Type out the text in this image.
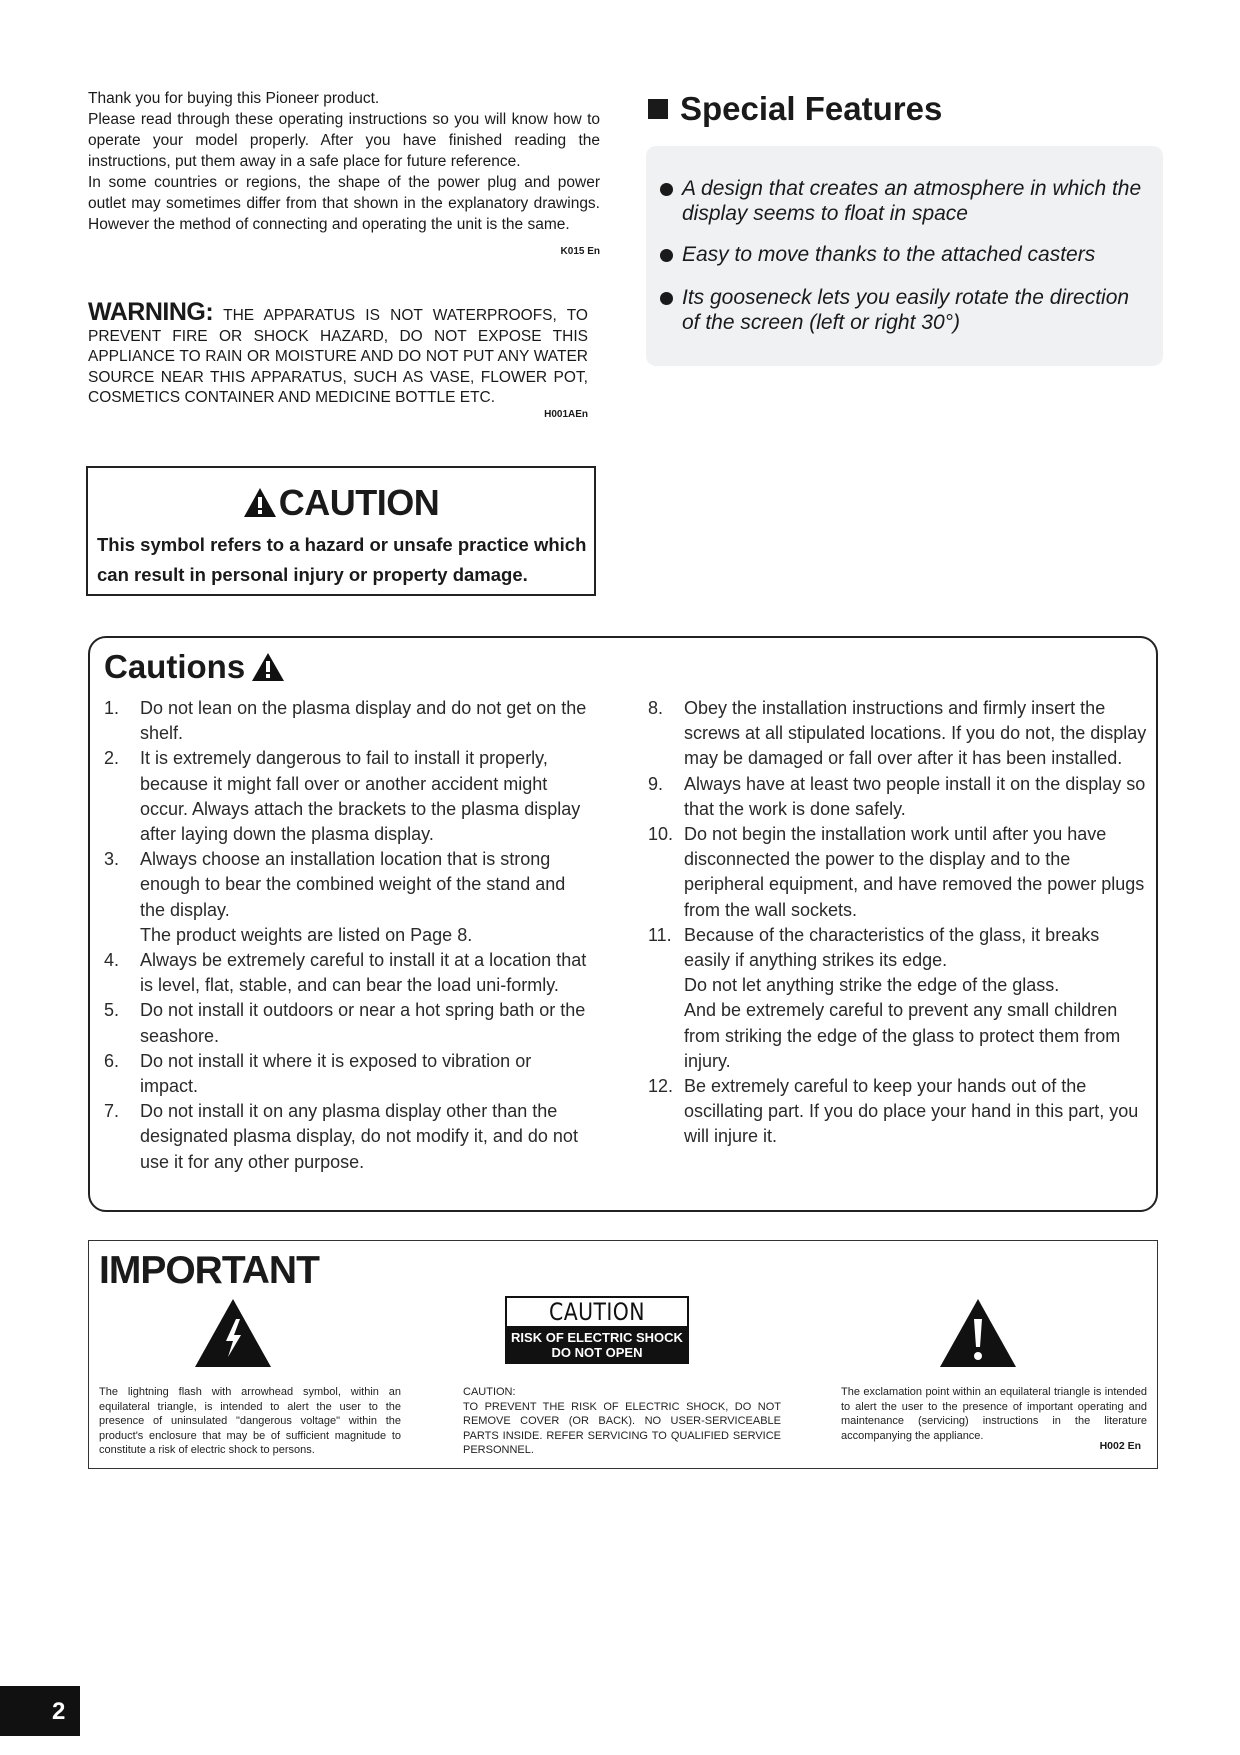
Thank you for buying this Pioneer product.

Please read through these operating instructions so you will know how to operate your model properly. After you have finished reading the instructions, put them away in a safe place for future reference.

In some countries or regions, the shape of the power plug and power outlet may sometimes differ from that shown in the explanatory drawings. However the method of connecting and operating the unit is the same.
K015 En

WARNING: THE APPARATUS IS NOT WATERPROOFS, TO PREVENT FIRE OR SHOCK HAZARD, DO NOT EXPOSE THIS APPLIANCE TO RAIN OR MOISTURE AND DO NOT PUT ANY WATER SOURCE NEAR THIS APPARATUS, SUCH AS VASE, FLOWER POT, COSMETICS CONTAINER AND MEDICINE BOTTLE ETC.
H001AEn
CAUTION
This symbol refers to a hazard or unsafe practice which can result in personal injury or property damage.
Special Features
A design that creates an atmosphere in which the display seems to float in space
Easy to move thanks to the attached casters
Its gooseneck lets you easily rotate the direction of the screen (left or right 30°)
Cautions
1. Do not lean on the plasma display and do not get on the shelf.
2. It is extremely dangerous to fail to install it properly, because it might fall over or another accident might occur. Always attach the brackets to the plasma display after laying down the plasma display.
3. Always choose an installation location that is strong enough to bear the combined weight of the stand and the display.
The product weights are listed on Page 8.
4. Always be extremely careful to install it at a location that is level, flat, stable, and can bear the load uni-formly.
5. Do not install it outdoors or near a hot spring bath or the seashore.
6. Do not install it where it is exposed to vibration or impact.
7. Do not install it on any plasma display other than the designated plasma display, do not modify it, and do not use it for any other purpose.
8. Obey the installation instructions and firmly insert the screws at all stipulated locations. If you do not, the display may be damaged or fall over after it has been installed.
9. Always have at least two people install it on the display so that the work is done safely.
10. Do not begin the installation work until after you have disconnected the power to the display and to the peripheral equipment, and have removed the power plugs from the wall sockets.
11. Because of the characteristics of the glass, it breaks easily if anything strikes its edge.
Do not let anything strike the edge of the glass.
And be extremely careful to prevent any small children from striking the edge of the glass to protect them from injury.
12. Be extremely careful to keep your hands out of the oscillating part. If you do place your hand in this part, you will injure it.
IMPORTANT
CAUTION
RISK OF ELECTRIC SHOCK
DO NOT OPEN
The lightning flash with arrowhead symbol, within an equilateral triangle, is intended to alert the user to the presence of uninsulated "dangerous voltage" within the product's enclosure that may be of sufficient magnitude to constitute a risk of electric shock to persons.
CAUTION:
TO PREVENT THE RISK OF ELECTRIC SHOCK, DO NOT REMOVE COVER (OR BACK). NO USER-SERVICEABLE PARTS INSIDE. REFER SERVICING TO QUALIFIED SERVICE PERSONNEL.
The exclamation point within an equilateral triangle is intended to alert the user to the presence of important operating and maintenance (servicing) instructions in the literature accompanying the appliance.
H002 En
2
